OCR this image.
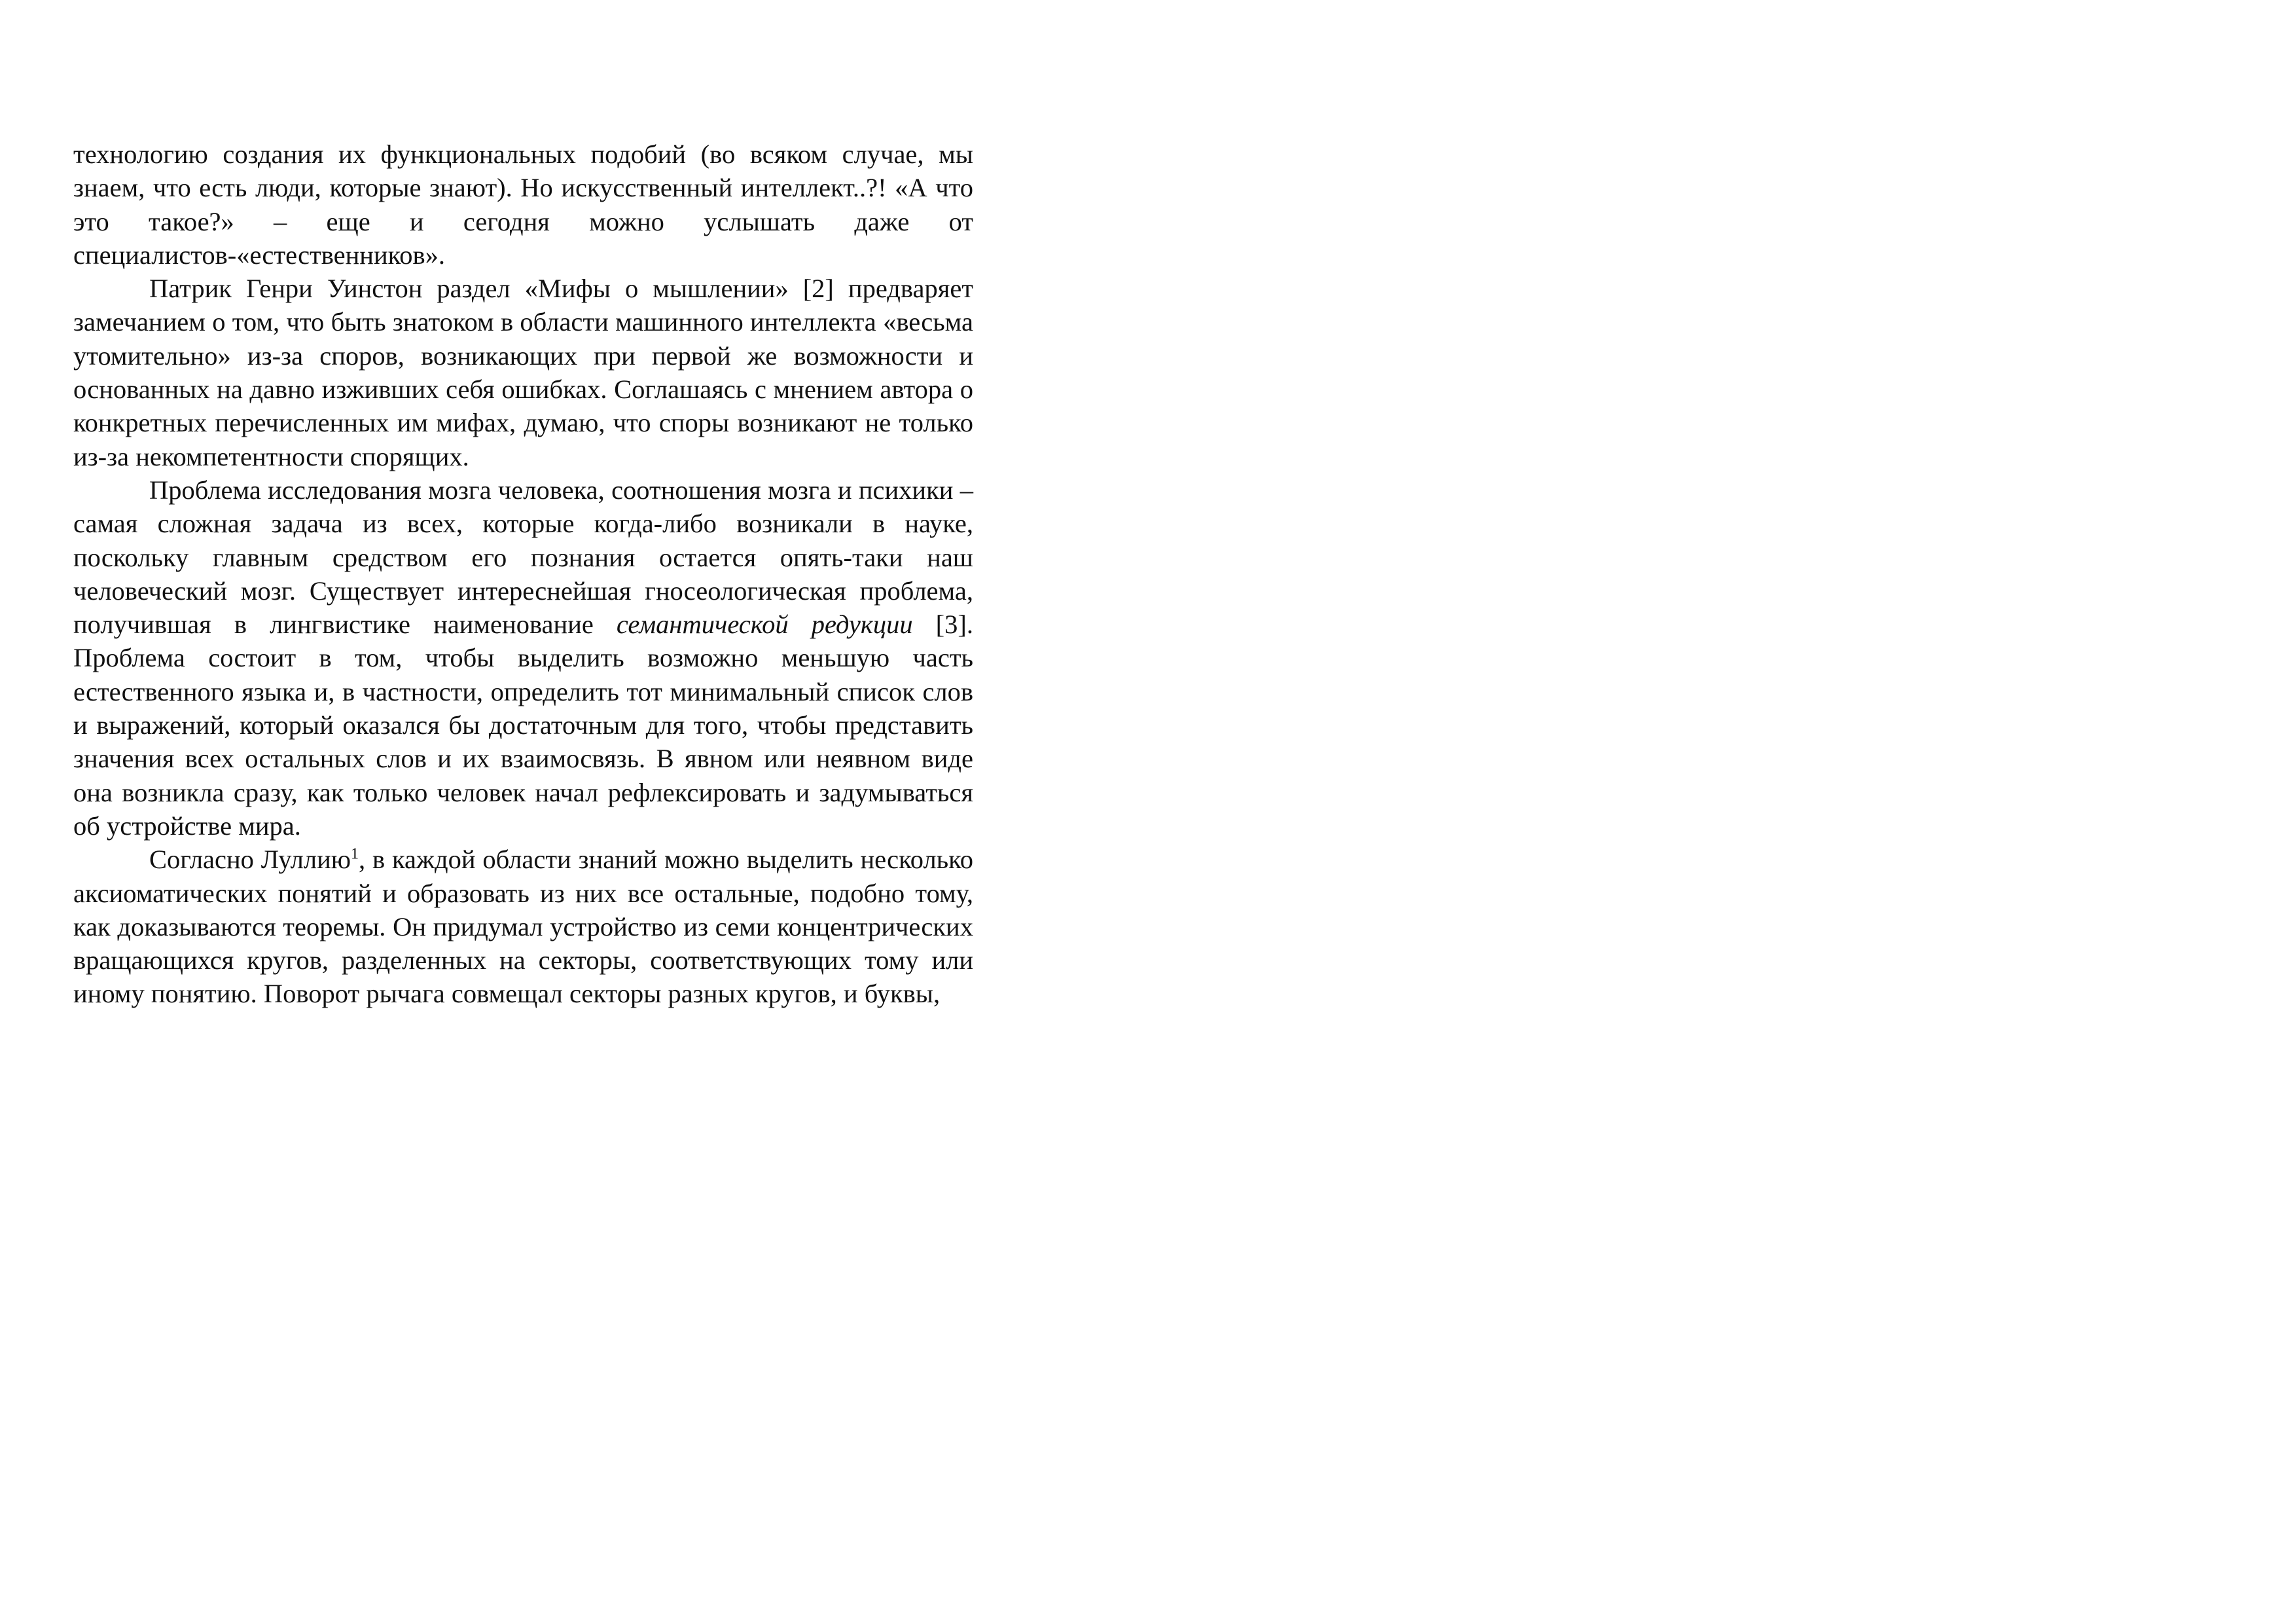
технологию создания их функциональных подобий (во всяком случае, мы знаем, что есть люди, которые знают). Но искусственный интеллект..?! «А что это такое?» – еще и сегодня можно услышать даже от специалистов-«естественников».

Патрик Генри Уинстон раздел «Мифы о мышлении» [2] предваряет замечанием о том, что быть знатоком в области машинного интеллекта «весьма утомительно» из-за споров, возникающих при первой же возможности и основанных на давно изживших себя ошибках. Соглашаясь с мнением автора о конкретных перечисленных им мифах, думаю, что споры возникают не только из-за некомпетентности спорящих.

Проблема исследования мозга человека, соотношения мозга и психики – самая сложная задача из всех, которые когда-либо возникали в науке, поскольку главным средством его познания остается опять-таки наш человеческий мозг. Существует интереснейшая гносеологическая проблема, получившая в лингвистике наименование семантической редукции [3]. Проблема состоит в том, чтобы выделить возможно меньшую часть естественного языка и, в частности, определить тот минимальный список слов и выражений, который оказался бы достаточным для того, чтобы представить значения всех остальных слов и их взаимосвязь. В явном или неявном виде она возникла сразу, как только человек начал рефлексировать и задумываться об устройстве мира.

Согласно Луллию$^1$, в каждой области знаний можно выделить несколько аксиоматических понятий и образовать из них все остальные, подобно тому, как доказываются теоремы. Он придумал устройство из семи концентрических вращающихся кругов, разделенных на секторы, соответствующих тому или иному понятию. Поворот рычага совмещал секторы разных кругов, и буквы,
